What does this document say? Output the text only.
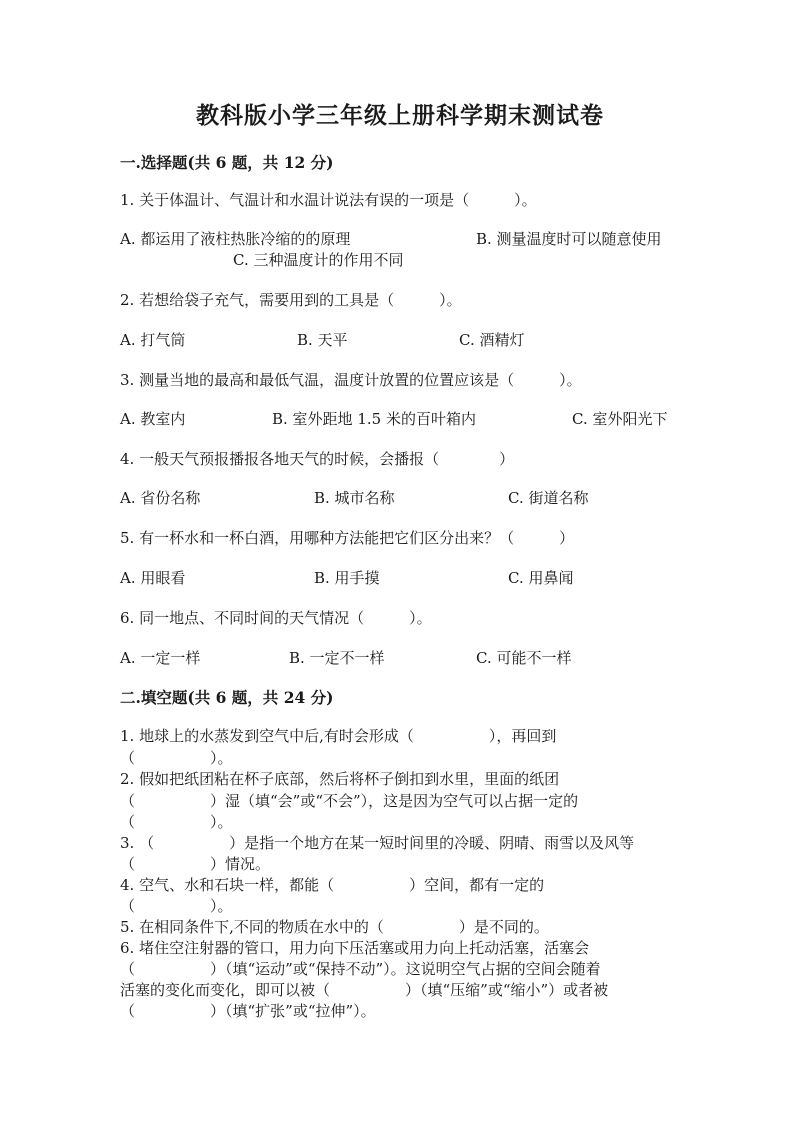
教科版小学三年级上册科学期末测试卷
一.选择题(共 6 题，共 12 分)
1. 关于体温计、气温计和水温计说法有误的一项是（　　　）。
A. 都运用了液柱热胀冷缩的的原理	B. 测量温度时可以随意使用
C. 三种温度计的作用不同
2. 若想给袋子充气，需要用到的工具是（　　　）。
A. 打气筒	B. 天平	C. 酒精灯
3. 测量当地的最高和最低气温，温度计放置的位置应该是（　　　）。
A. 教室内	B. 室外距地 1.5 米的百叶箱内	C. 室外阳光下
4. 一般天气预报播报各地天气的时候，会播报（　　　　）
A. 省份名称	B. 城市名称	C. 街道名称
5. 有一杯水和一杯白酒，用哪种方法能把它们区分出来？（　　　）
A. 用眼看	B. 用手摸	C. 用鼻闻
6. 同一地点、不同时间的天气情况（　　　）。
A. 一定一样	B. 一定不一样	C. 可能不一样
二.填空题(共 6 题，共 24 分)
1. 地球上的水蒸发到空气中后,有时会形成（　　　　　），再回到
（　　　　　）。
2. 假如把纸团粘在杯子底部，然后将杯子倒扣到水里，里面的纸团
（　　　　　）湿（填“会”或“不会”），这是因为空气可以占据一定的
（　　　　　）。
3. （　　　　　）是指一个地方在某一短时间里的冷暖、阴晴、雨雪以及风等
（　　　　　）情况。
4. 空气、水和石块一样，都能（　　　　　）空间，都有一定的
（　　　　　）。
5. 在相同条件下,不同的物质在水中的（　　　　　）是不同的。
6. 堵住空注射器的管口，用力向下压活塞或用力向上托动活塞，活塞会
（　　　　　）（填“运动”或“保持不动”）。这说明空气占据的空间会随着
活塞的变化而变化，即可以被（　　　　　）（填“压缩”或“缩小”）或者被
（　　　　　）（填“扩张”或“拉伸”）。
